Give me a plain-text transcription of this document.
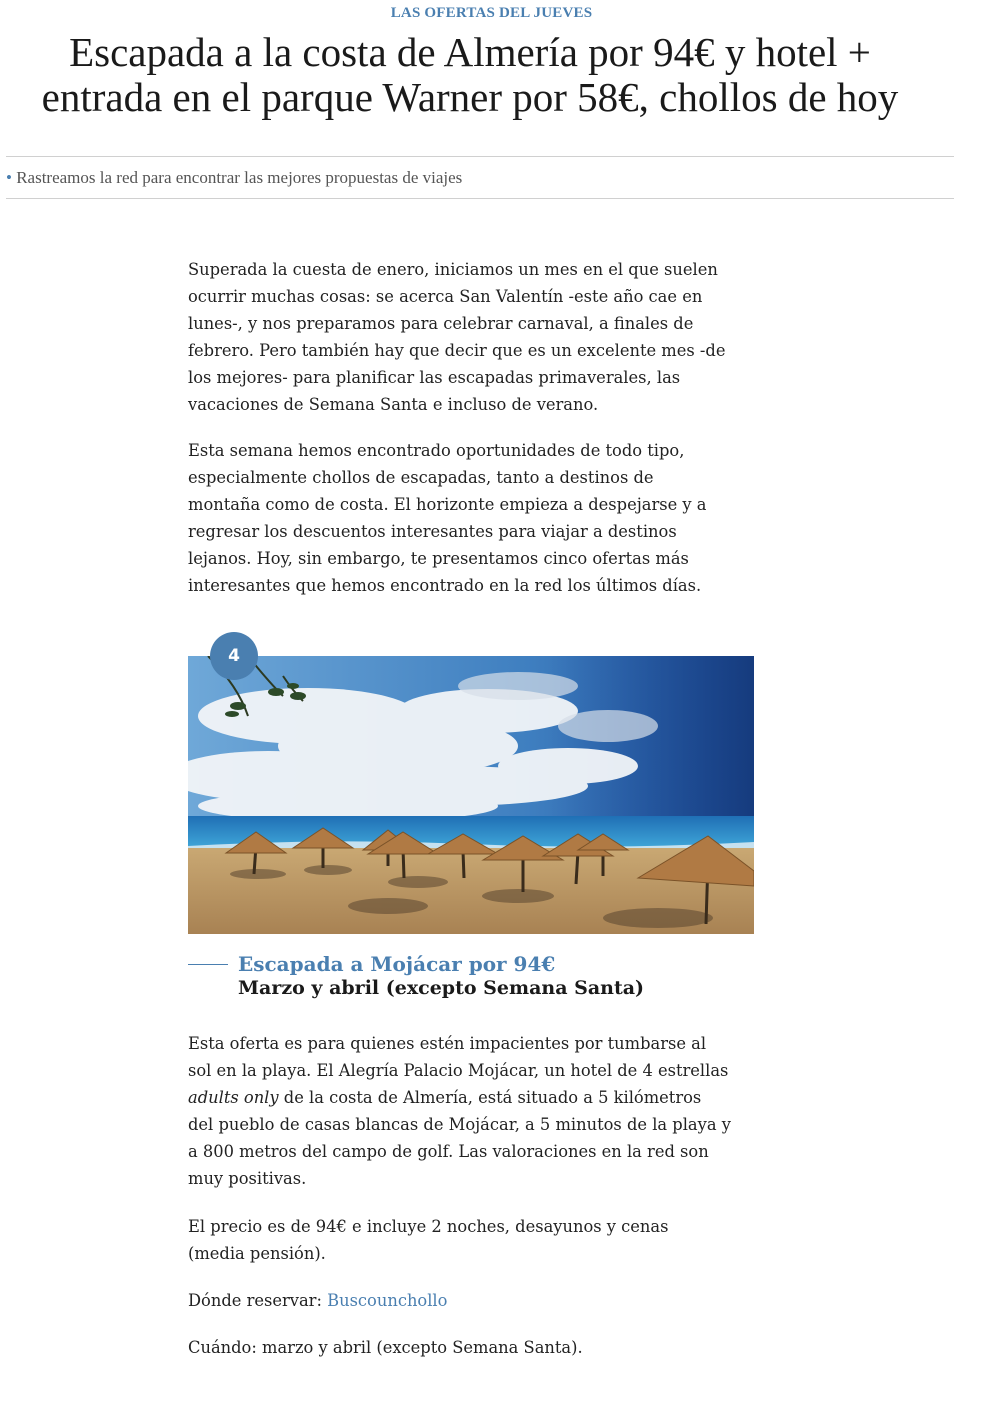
LAS OFERTAS DEL JUEVES
Escapada a la costa de Almería por 94€ y hotel +
entrada en el parque Warner por 58€, chollos de hoy
• Rastreamos la red para encontrar las mejores propuestas de viajes

Superada la cuesta de enero, iniciamos un mes en el que suelen
ocurrir muchas cosas: se acerca San Valentín -este año cae en
lunes-, y nos preparamos para celebrar carnaval, a finales de
febrero. Pero también hay que decir que es un excelente mes -de
los mejores- para planificar las escapadas primaverales, las
vacaciones de Semana Santa e incluso de verano.

Esta semana hemos encontrado oportunidades de todo tipo,
especialmente chollos de escapadas, tanto a destinos de
montaña como de costa. El horizonte empieza a despejarse y a
regresar los descuentos interesantes para viajar a destinos
lejanos. Hoy, sin embargo, te presentamos cinco ofertas más
interesantes que hemos encontrado en la red los últimos días.

4
Escapada a Mojácar por 94€
Marzo y abril (excepto Semana Santa)

Esta oferta es para quienes estén impacientes por tumbarse al
sol en la playa. El Alegría Palacio Mojácar, un hotel de 4 estrellas
adults only de la costa de Almería, está situado a 5 kilómetros
del pueblo de casas blancas de Mojácar, a 5 minutos de la playa y
a 800 metros del campo de golf. Las valoraciones en la red son
muy positivas.

El precio es de 94€ e incluye 2 noches, desayunos y cenas
(media pensión).

Dónde reservar: Buscounchollo

Cuándo: marzo y abril (excepto Semana Santa).
